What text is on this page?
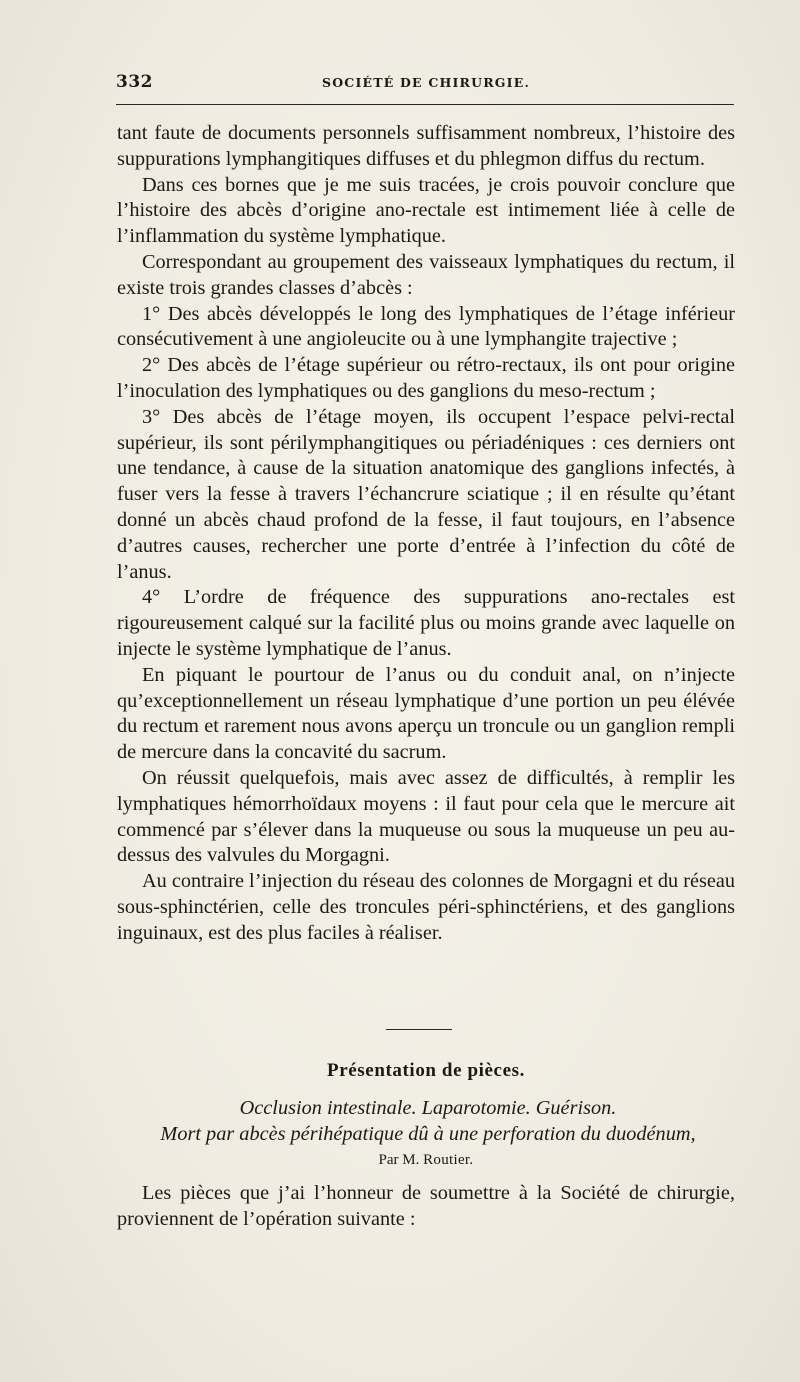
332	SOCIÉTÉ DE CHIRURGIE.

tant faute de documents personnels suffisamment nombreux, l’histoire des suppurations lymphangitiques diffuses et du phlegmon diffus du rectum.

Dans ces bornes que je me suis tracées, je crois pouvoir conclure que l’histoire des abcès d’origine ano-rectale est intimement liée à celle de l’inflammation du système lymphatique.

Correspondant au groupement des vaisseaux lymphatiques du rectum, il existe trois grandes classes d’abcès :

1° Des abcès développés le long des lymphatiques de l’étage inférieur consécutivement à une angioleucite ou à une lymphangite trajective ;

2° Des abcès de l’étage supérieur ou rétro-rectaux, ils ont pour origine l’inoculation des lymphatiques ou des ganglions du meso-rectum ;

3° Des abcès de l’étage moyen, ils occupent l’espace pelvi-rectal supérieur, ils sont périlymphangitiques ou périadéniques : ces derniers ont une tendance, à cause de la situation anatomique des ganglions infectés, à fuser vers la fesse à travers l’échancrure sciatique ; il en résulte qu’étant donné un abcès chaud profond de la fesse, il faut toujours, en l’absence d’autres causes, rechercher une porte d’entrée à l’infection du côté de l’anus.

4° L’ordre de fréquence des suppurations ano-rectales est rigoureusement calqué sur la facilité plus ou moins grande avec laquelle on injecte le système lymphatique de l’anus.

En piquant le pourtour de l’anus ou du conduit anal, on n’injecte qu’exceptionnellement un réseau lymphatique d’une portion un peu élévée du rectum et rarement nous avons aperçu un troncule ou un ganglion rempli de mercure dans la concavité du sacrum.

On réussit quelquefois, mais avec assez de difficultés, à remplir les lymphatiques hémorrhoïdaux moyens : il faut pour cela que le mercure ait commencé par s’élever dans la muqueuse ou sous la muqueuse un peu au-dessus des valvules du Morgagni.

Au contraire l’injection du réseau des colonnes de Morgagni et du réseau sous-sphinctérien, celle des troncules péri-sphinctériens, et des ganglions inguinaux, est des plus faciles à réaliser.

Présentation de pièces.
Occlusion intestinale. Laparotomie. Guérison.
Mort par abcès périhépatique dû à une perforation du duodénum,
Par M. Routier.

Les pièces que j’ai l’honneur de soumettre à la Société de chirurgie, proviennent de l’opération suivante :
